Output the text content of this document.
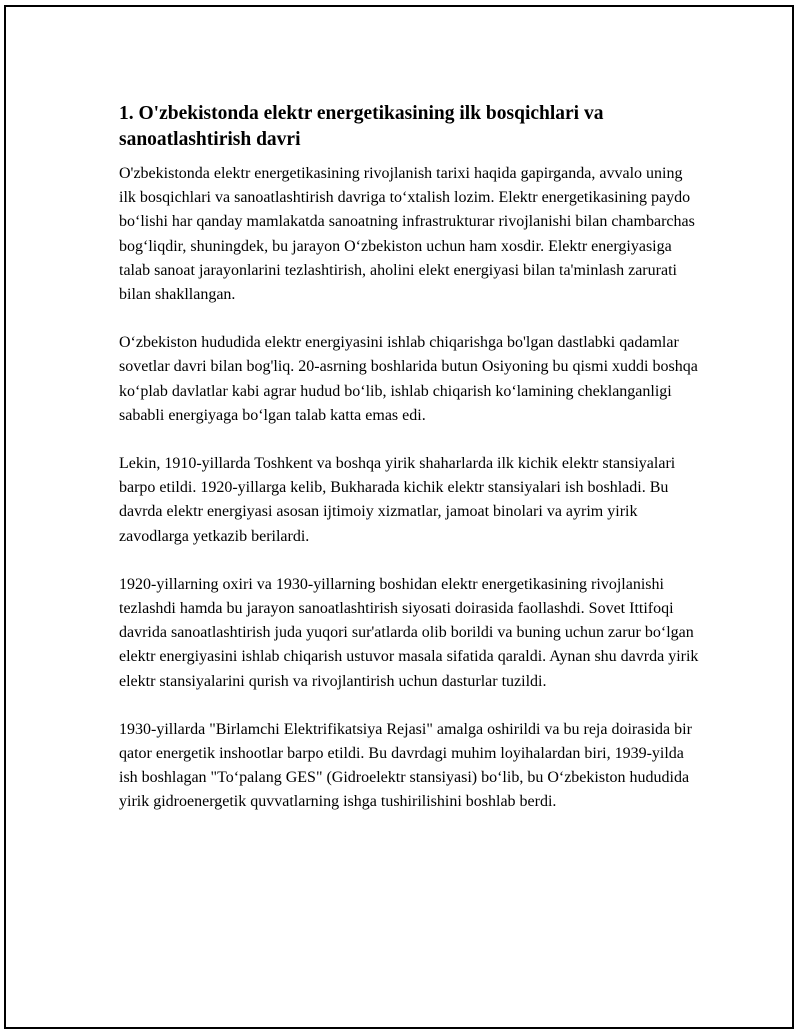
1. O'zbekistonda elektr energetikasining ilk bosqichlari va sanoatlashtirish davri

O'zbekistonda elektr energetikasining rivojlanish tarixi haqida gapirganda, avvalo uning ilk bosqichlari va sanoatlashtirish davriga to‘xtalish lozim. Elektr energetikasining paydo bo‘lishi har qanday mamlakatda sanoatning infrastrukturar rivojlanishi bilan chambarchas bog‘liqdir, shuningdek, bu jarayon O‘zbekiston uchun ham xosdir. Elektr energiyasiga talab sanoat jarayonlarini tezlashtirish, aholini elekt energiyasi bilan ta'minlash zarurati bilan shakllangan.

O‘zbekiston hududida elektr energiyasini ishlab chiqarishga bo'lgan dastlabki qadamlar sovetlar davri bilan bog'liq. 20-asrning boshlarida butun Osiyoning bu qismi xuddi boshqa ko‘plab davlatlar kabi agrar hudud bo‘lib, ishlab chiqarish ko‘lamining cheklanganligi sababli energiyaga bo‘lgan talab katta emas edi.

Lekin, 1910-yillarda Toshkent va boshqa yirik shaharlarda ilk kichik elektr stansiyalari barpo etildi. 1920-yillarga kelib, Bukharada kichik elektr stansiyalari ish boshladi. Bu davrda elektr energiyasi asosan ijtimoiy xizmatlar, jamoat binolari va ayrim yirik zavodlarga yetkazib berilardi.

1920-yillarning oxiri va 1930-yillarning boshidan elektr energetikasining rivojlanishi tezlashdi hamda bu jarayon sanoatlashtirish siyosati doirasida faollashdi. Sovet Ittifoqi davrida sanoatlashtirish juda yuqori sur'atlarda olib borildi va buning uchun zarur bo‘lgan elektr energiyasini ishlab chiqarish ustuvor masala sifatida qaraldi. Aynan shu davrda yirik elektr stansiyalarini qurish va rivojlantirish uchun dasturlar tuzildi.

1930-yillarda "Birlamchi Elektrifikatsiya Rejasi" amalga oshirildi va bu reja doirasida bir qator energetik inshootlar barpo etildi. Bu davrdagi muhim loyihalardan biri, 1939-yilda ish boshlagan "To‘palang GES" (Gidroelektr stansiyasi) bo‘lib, bu O‘zbekiston hududida yirik gidroenergetik quvvatlarning ishga tushirilishini boshlab berdi.
